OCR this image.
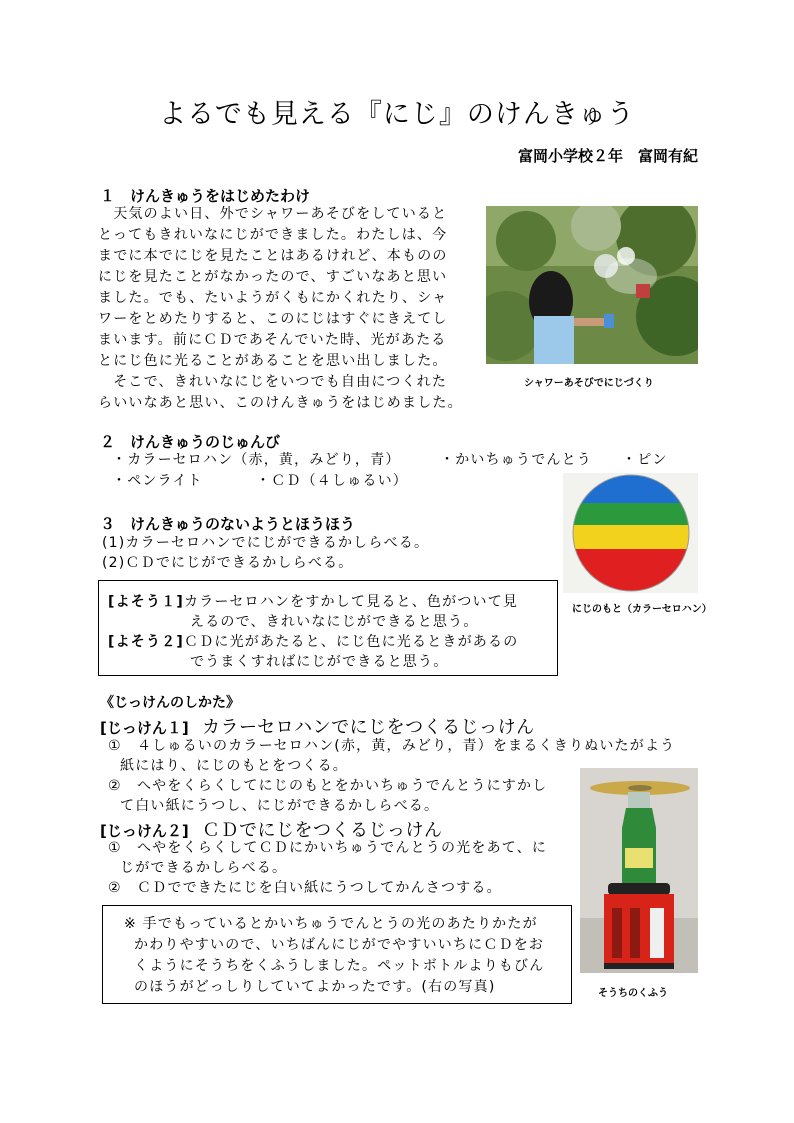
よるでも見える『にじ』のけんきゅう
富岡小学校２年　富岡有紀
１　けんきゅうをはじめたわけ
　天気のよい日、外でシャワーあそびをしていると
とってもきれいなにじができました。わたしは、今
までに本でにじを見たことはあるけれど、本ものの
にじを見たことがなかったので、すごいなあと思い
ました。でも、たいようがくもにかくれたり、シャ
ワーをとめたりすると、このにじはすぐにきえてし
まいます。前にＣＤであそんでいた時、光があたる
とにじ色に光ることがあることを思い出しました。
　そこで、きれいなにじをいつでも自由につくれた
らいいなあと思い、このけんきゅうをはじめました。
シャワーあそびでにじづくり
２　けんきゅうのじゅんび
・カラーセロハン（赤，黄，みどり，青）	・かいちゅうでんとう ・ピン
・ペンライト	・ＣＤ（４しゅるい）
にじのもと（カラーセロハン）
３　けんきゅうのないようとほうほう
(1)カラーセロハンでにじができるかしらべる。
(2)ＣＤでにじができるかしらべる。
[よそう１]カラーセロハンをすかして見ると、色がついて見
えるので、きれいなにじができると思う。
[よそう２]ＣＤに光があたると、にじ色に光るときがあるの
でうまくすればにじができると思う。
《じっけんのしかた》
[じっけん１] カラーセロハンでにじをつくるじっけん
①　 ４しゅるいのカラーセロハン(赤，黄，みどり，青）をまるくきりぬいたがよう
紙にはり、にじのもとをつくる。
②　 へやをくらくしてにじのもとをかいちゅうでんとうにすかし
て白い紙にうつし、にじができるかしらべる。
[じっけん２] ＣＤでにじをつくるじっけん
①　 へやをくらくしてＣＤにかいちゅうでんとうの光をあて、に
じができるかしらべる。
②　 ＣＤでできたにじを白い紙にうつしてかんさつする。
※ 手でもっているとかいちゅうでんとうの光のあたりかたが
かわりやすいので、いちばんにじがでやすいいちにＣＤをお
くようにそうちをくふうしました。ペットボトルよりもびん
のほうがどっしりしていてよかったです。(右の写真)	そうちのくふう
